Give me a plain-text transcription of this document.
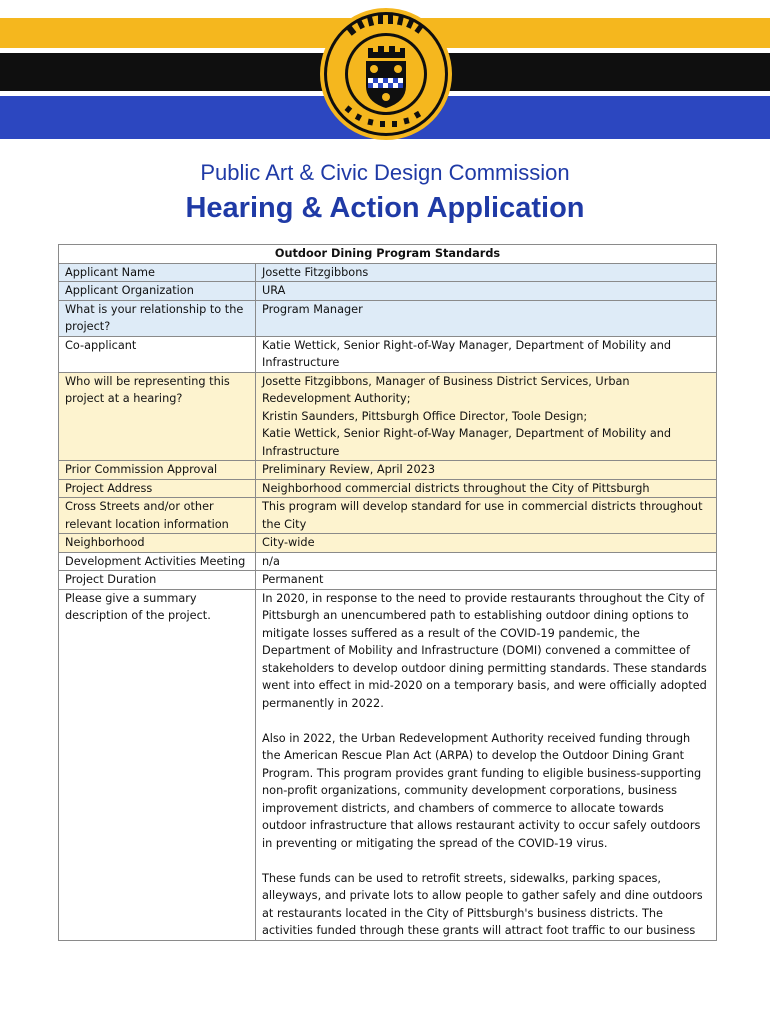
Public Art & Civic Design Commission
Hearing & Action Application
Outdoor Dining Program Standards	
Applicant Name	Josette Fitzgibbons
Applicant Organization	URA
What is your relationship to the project?	Program Manager
Co-applicant	Katie Wettick, Senior Right-of-Way Manager, Department of Mobility and Infrastructure
Who will be representing this project at a hearing?	Josette Fitzgibbons, Manager of Business District Services, Urban Redevelopment Authority;
Kristin Saunders, Pittsburgh Office Director, Toole Design;
Katie Wettick, Senior Right-of-Way Manager, Department of Mobility and Infrastructure

Prior Commission Approval	Preliminary Review, April 2023
Project Address	Neighborhood commercial districts throughout the City of Pittsburgh
Cross Streets and/or other relevant location information	This program will develop standard for use in commercial districts throughout the City
Neighborhood	City-wide
Development Activities Meeting	n/a
Project Duration	Permanent
Please give a summary description of the project.	In 2020, in response to the need to provide restaurants throughout the City of Pittsburgh an unencumbered path to establishing outdoor dining options to mitigate losses suffered as a result of the COVID-19 pandemic, the Department of Mobility and Infrastructure (DOMI) convened a committee of stakeholders to develop outdoor dining permitting standards. These standards went into effect in mid-2020 on a temporary basis, and were officially adopted permanently in 2022.

Also in 2022, the Urban Redevelopment Authority received funding through the American Rescue Plan Act (ARPA) to develop the Outdoor Dining Grant Program. This program provides grant funding to eligible business-supporting non-profit organizations, community development corporations, business improvement districts, and chambers of commerce to allocate towards outdoor infrastructure that allows restaurant activity to occur safely outdoors in preventing or mitigating the spread of the COVID-19 virus.

These funds can be used to retrofit streets, sidewalks, parking spaces, alleyways, and private lots to allow people to gather safely and dine outdoors at restaurants located in the City of Pittsburgh's business districts. The activities funded through these grants will attract foot traffic to our business
